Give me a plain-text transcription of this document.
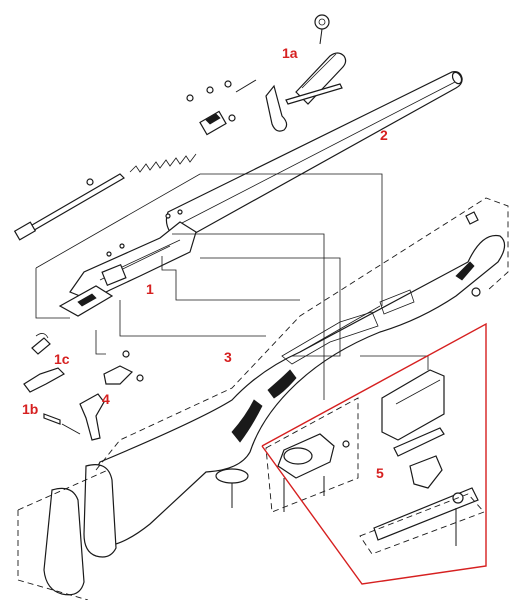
1a
2
1
3
1c
1b
4
5
